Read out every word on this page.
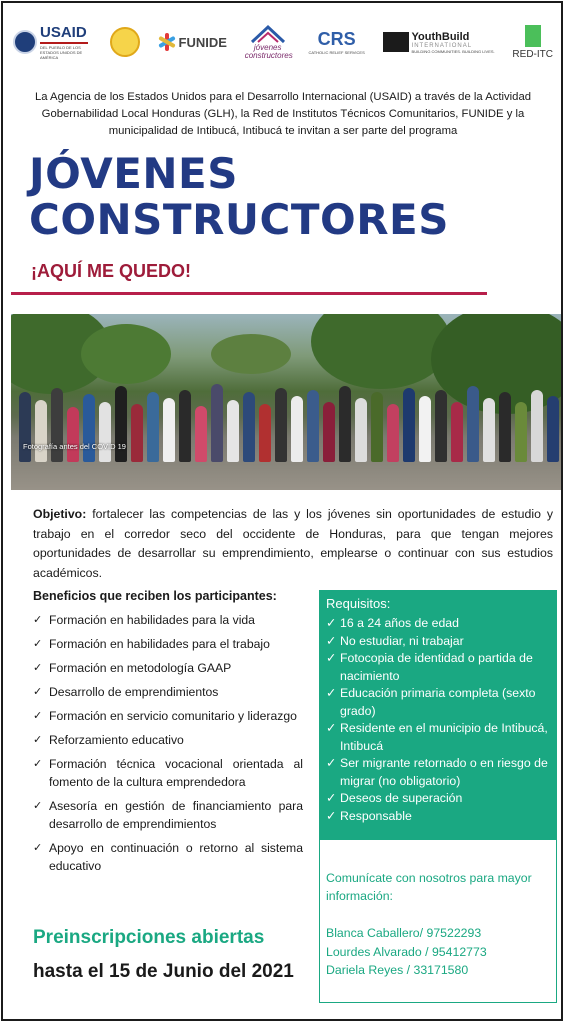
USAID
DEL PUEBLO DE LOS ESTADOS UNIDOS DE AMÉRICA
FUNIDE	jóvenes constructores
CRS
CATHOLIC RELIEF SERVICES
YouthBuild
INTERNATIONAL
BUILDING COMMUNITIES. BUILDING LIVES. RED-ITC

La Agencia de los Estados Unidos para el Desarrollo Internacional (USAID) a través de la Actividad Gobernabilidad Local Honduras (GLH), la Red de Institutos Técnicos Comunitarios, FUNIDE y la municipalidad de Intibucá, Intibucá te invitan a ser parte del programa

JÓVENES
CONSTRUCTORES

¡AQUÍ ME QUEDO!

Fotografía antes del COVID 19

Objetivo: fortalecer las competencias de las y los jóvenes sin oportunidades de estudio y trabajo en el corredor seco del occidente de Honduras, para que tengan mejores oportunidades de desarrollar su emprendimiento, emplearse o continuar con sus estudios académicos.

Beneficios que reciben los participantes:
✓ Formación en habilidades para la vida
✓ Formación en habilidades para el trabajo
✓ Formación en metodología GAAP
✓ Desarrollo de emprendimientos
✓ Formación en servicio comunitario y liderazgo
✓ Reforzamiento educativo
✓ Formación técnica vocacional orientada al fomento de la cultura emprendedora
✓ Asesoría en gestión de financiamiento para desarrollo de emprendimientos
✓ Apoyo en continuación o retorno al sistema educativo

Requisitos:

✓ 16 a 24 años de edad
✓ No estudiar, ni trabajar
✓ Fotocopia de identidad o partida de nacimiento
✓ Educación primaria completa (sexto grado)
✓ Residente en el municipio de Intibucá, Intibucá
✓ Ser migrante retornado o en riesgo de migrar (no obligatorio)
✓ Deseos de superación
✓ Responsable

Comunícate con nosotros para mayor información:

Blanca Caballero/ 97522293
Lourdes Alvarado / 95412773
Dariela Reyes / 33171580

Preinscripciones abiertas

hasta el 15 de Junio del 2021
